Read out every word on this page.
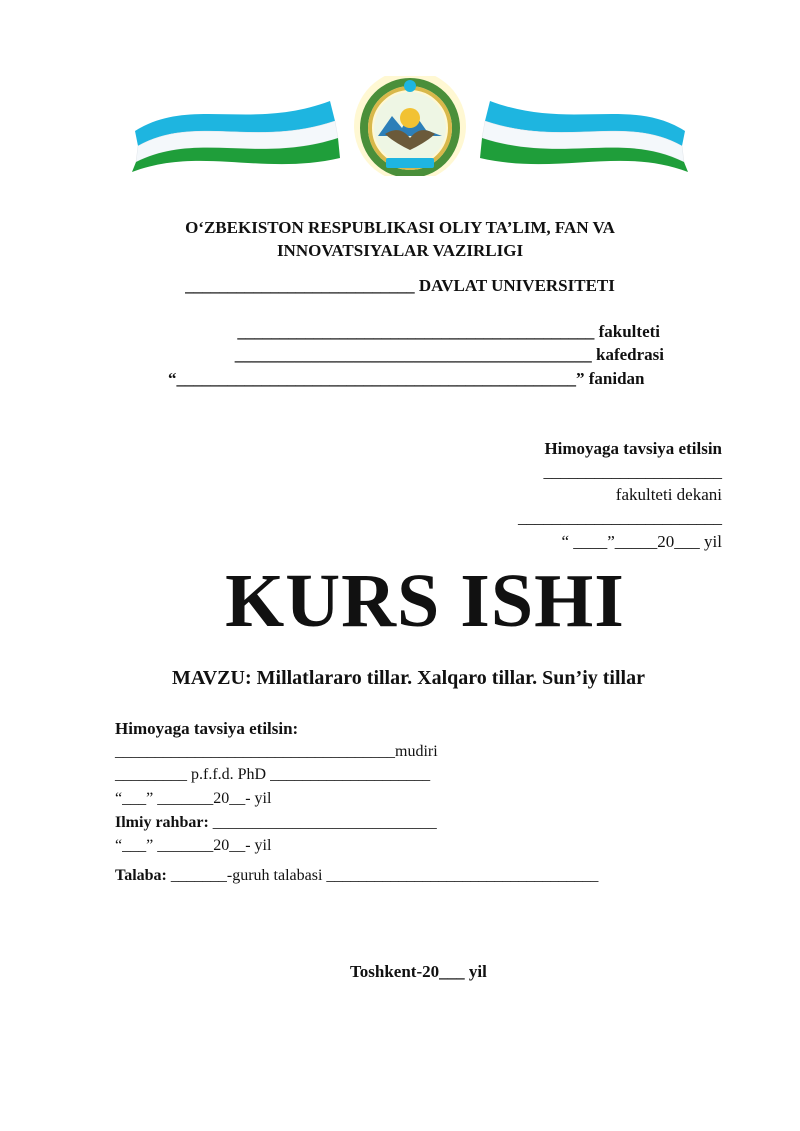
O‘ZBEKISTON RESPUBLIKASI OLIY TA’LIM, FAN VA
INNOVATSIYALAR VAZIRLIGI
___________________________ DAVLAT UNIVERSITETI
__________________________________________ fakulteti
__________________________________________ kafedrasi
“_______________________________________________” fanidan
Himoyaga tavsiya etilsin
_____________________
fakulteti dekani
________________________
“ ____”_____20___ yil
KURS ISHI
MAVZU: Millatlararo tillar. Xalqaro tillar. Sun’iy tillar
Himoyaga tavsiya etilsin:
___________________________________mudiri
_________ p.f.f.d. PhD ____________________
“___” _______20__- yil
Ilmiy rahbar: ____________________________
“___” _______20__- yil
Talaba: _______-guruh talabasi __________________________________
Toshkent-20___ yil
